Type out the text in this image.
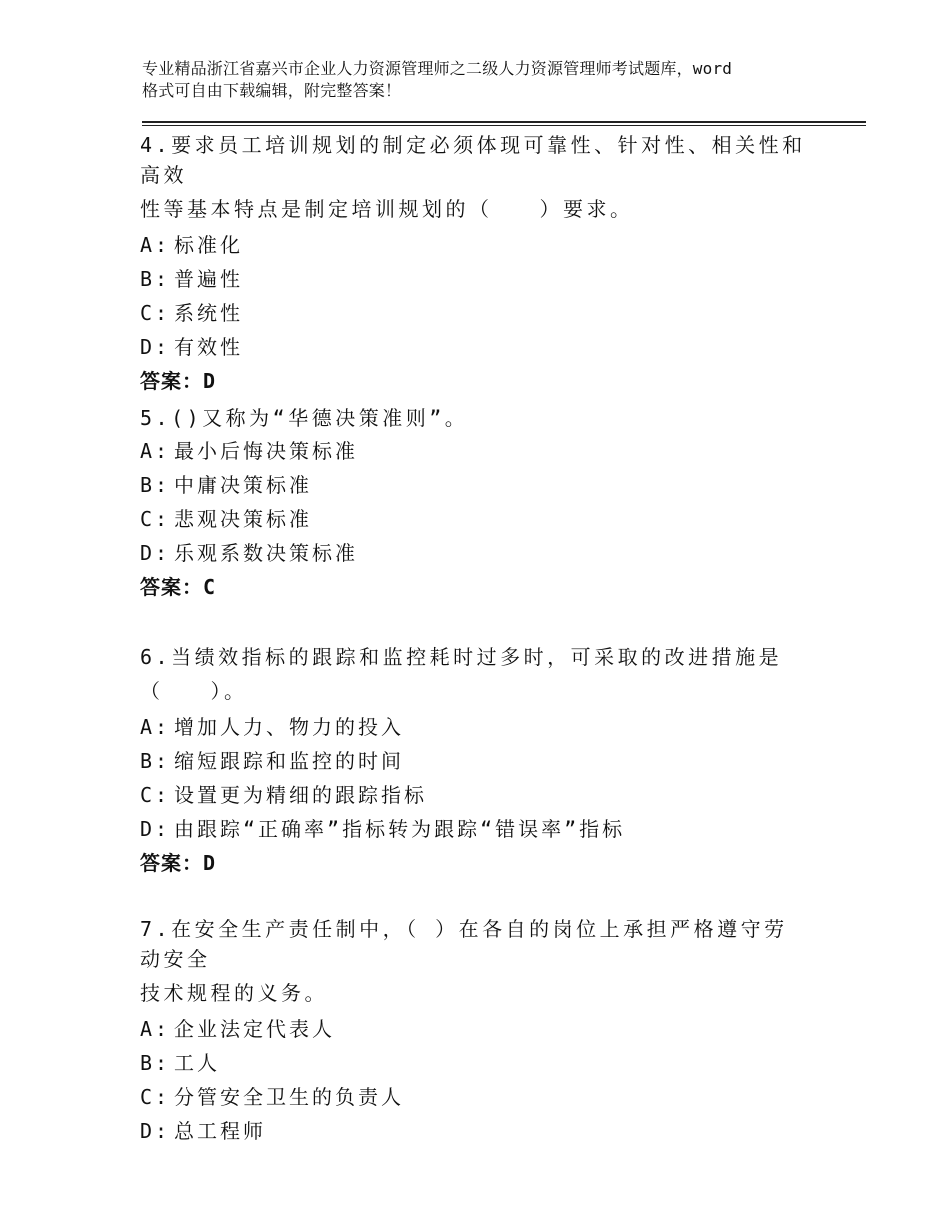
专业精品浙江省嘉兴市企业人力资源管理师之二级人力资源管理师考试题库，word
格式可自由下载编辑，附完整答案！
4.要求员工培训规划的制定必须体现可靠性、针对性、相关性和高效
性等基本特点是制定培训规划的（　　）要求。
A: 标准化
B: 普遍性
C: 系统性
D: 有效性
答案：D
5.()又称为“华德决策准则”。
A: 最小后悔决策标准
B: 中庸决策标准
C: 悲观决策标准
D: 乐观系数决策标准
答案：C
6.当绩效指标的跟踪和监控耗时过多时，可采取的改进措施是
（　　）。
A: 增加人力、物力的投入
B: 缩短跟踪和监控的时间
C: 设置更为精细的跟踪指标
D: 由跟踪“正确率”指标转为跟踪“错误率”指标
答案：D
7.在安全生产责任制中，（ ）在各自的岗位上承担严格遵守劳动安全
技术规程的义务。
A: 企业法定代表人
B: 工人
C: 分管安全卫生的负责人
D: 总工程师
